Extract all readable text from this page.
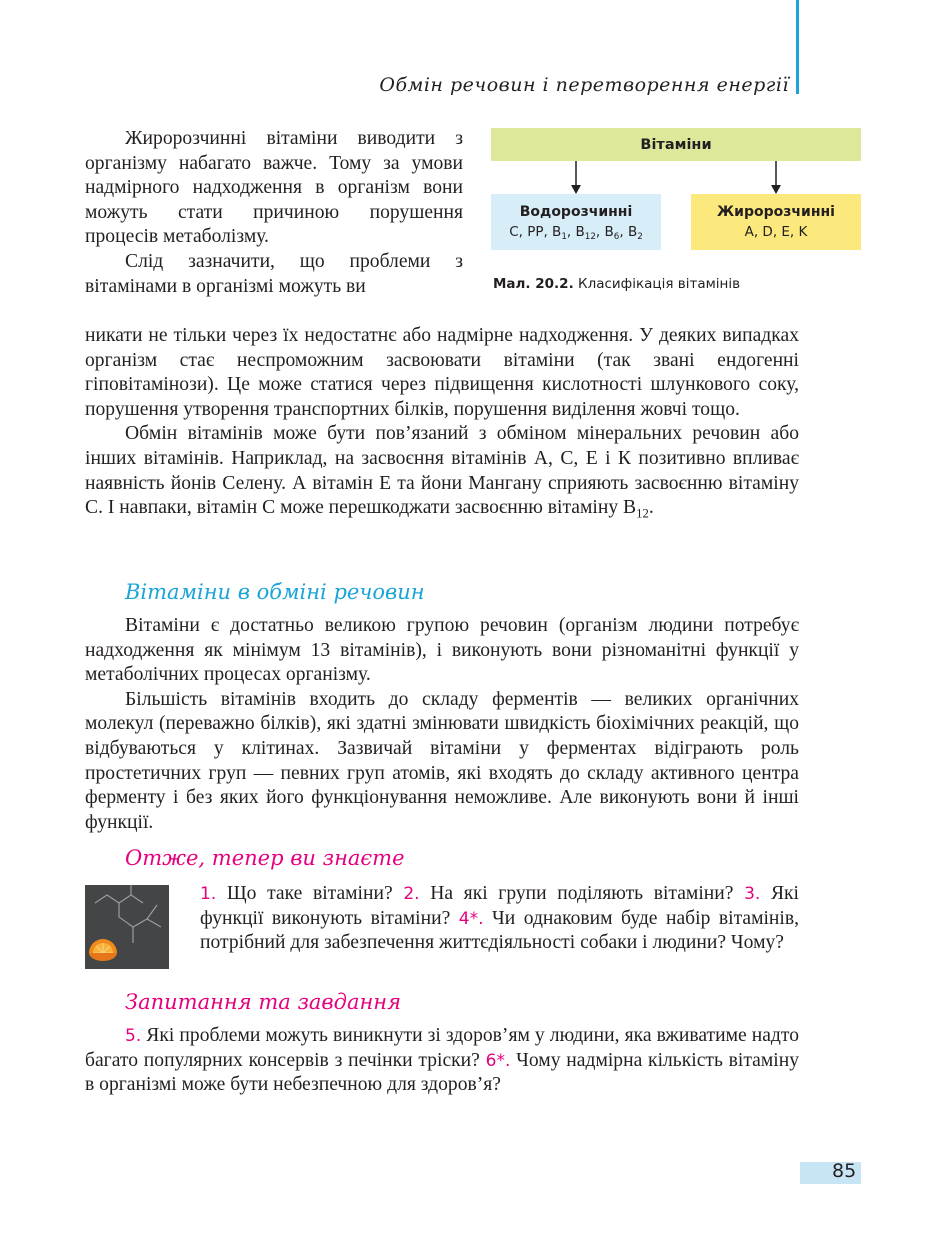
Обмін речовин і перетворення енергії

Жиророзчинні вітаміни виводити з організму набагато важче. Тому за умови надмірного надходження в організм вони можуть стати причиною порушення процесів метаболізму.

Слід зазначити, що проблеми з вітамінами в організмі можуть ви

Вітаміни
Водорозчинні
C, PP, $B_1$, $B_{12}$, $B_6$, $B_2$
Жиророзчинні
A, D, E, K
Мал. 20.2. Класифікація вітамінів

никати не тільки через їх недостатнє або надмірне надходження. У деяких випадках організм стає неспроможним засвоювати вітаміни (так звані ендогенні гіповітамінози). Це може статися через підвищення кислотності шлункового соку, порушення утворення транспортних білків, порушення виділення жовчі тощо.

Обмін вітамінів може бути пов’язаний з обміном мінеральних речовин або інших вітамінів. Наприклад, на засвоєння вітамінів А, С, Е і К позитивно впливає наявність йонів Селену. А вітамін Е та йони Мангану сприяють засвоєнню вітаміну С. І навпаки, вітамін С може перешкоджати засвоєнню вітаміну $В_{12}$.

Вітаміни в обміні речовин

Вітаміни є достатньо великою групою речовин (організм людини потребує надходження як мінімум 13 вітамінів), і виконують вони різноманітні функції у метаболічних процесах організму.

Більшість вітамінів входить до складу ферментів — великих органічних молекул (переважно білків), які здатні змінювати швидкість біохімічних реакцій, що відбуваються у клітинах. Зазвичай вітаміни у ферментах відіграють роль простетичних груп — певних груп атомів, які входять до складу активного центра ферменту і без яких його функціонування неможливе. Але виконують вони й інші функції.

Отже, тепер ви знаєте

1. Що таке вітаміни? 2. На які групи поділяють вітаміни? 3. Які функції виконують вітаміни? 4*. Чи однаковим буде набір вітамінів, потрібний для забезпечення життєдіяльності собаки і людини? Чому?

Запитання та завдання

5. Які проблеми можуть виникнути зі здоров’ям у людини, яка вживатиме надто багато популярних консервів з печінки тріски? 6*. Чому надмірна кількість вітаміну в організмі може бути небезпечною для здоров’я?

85
